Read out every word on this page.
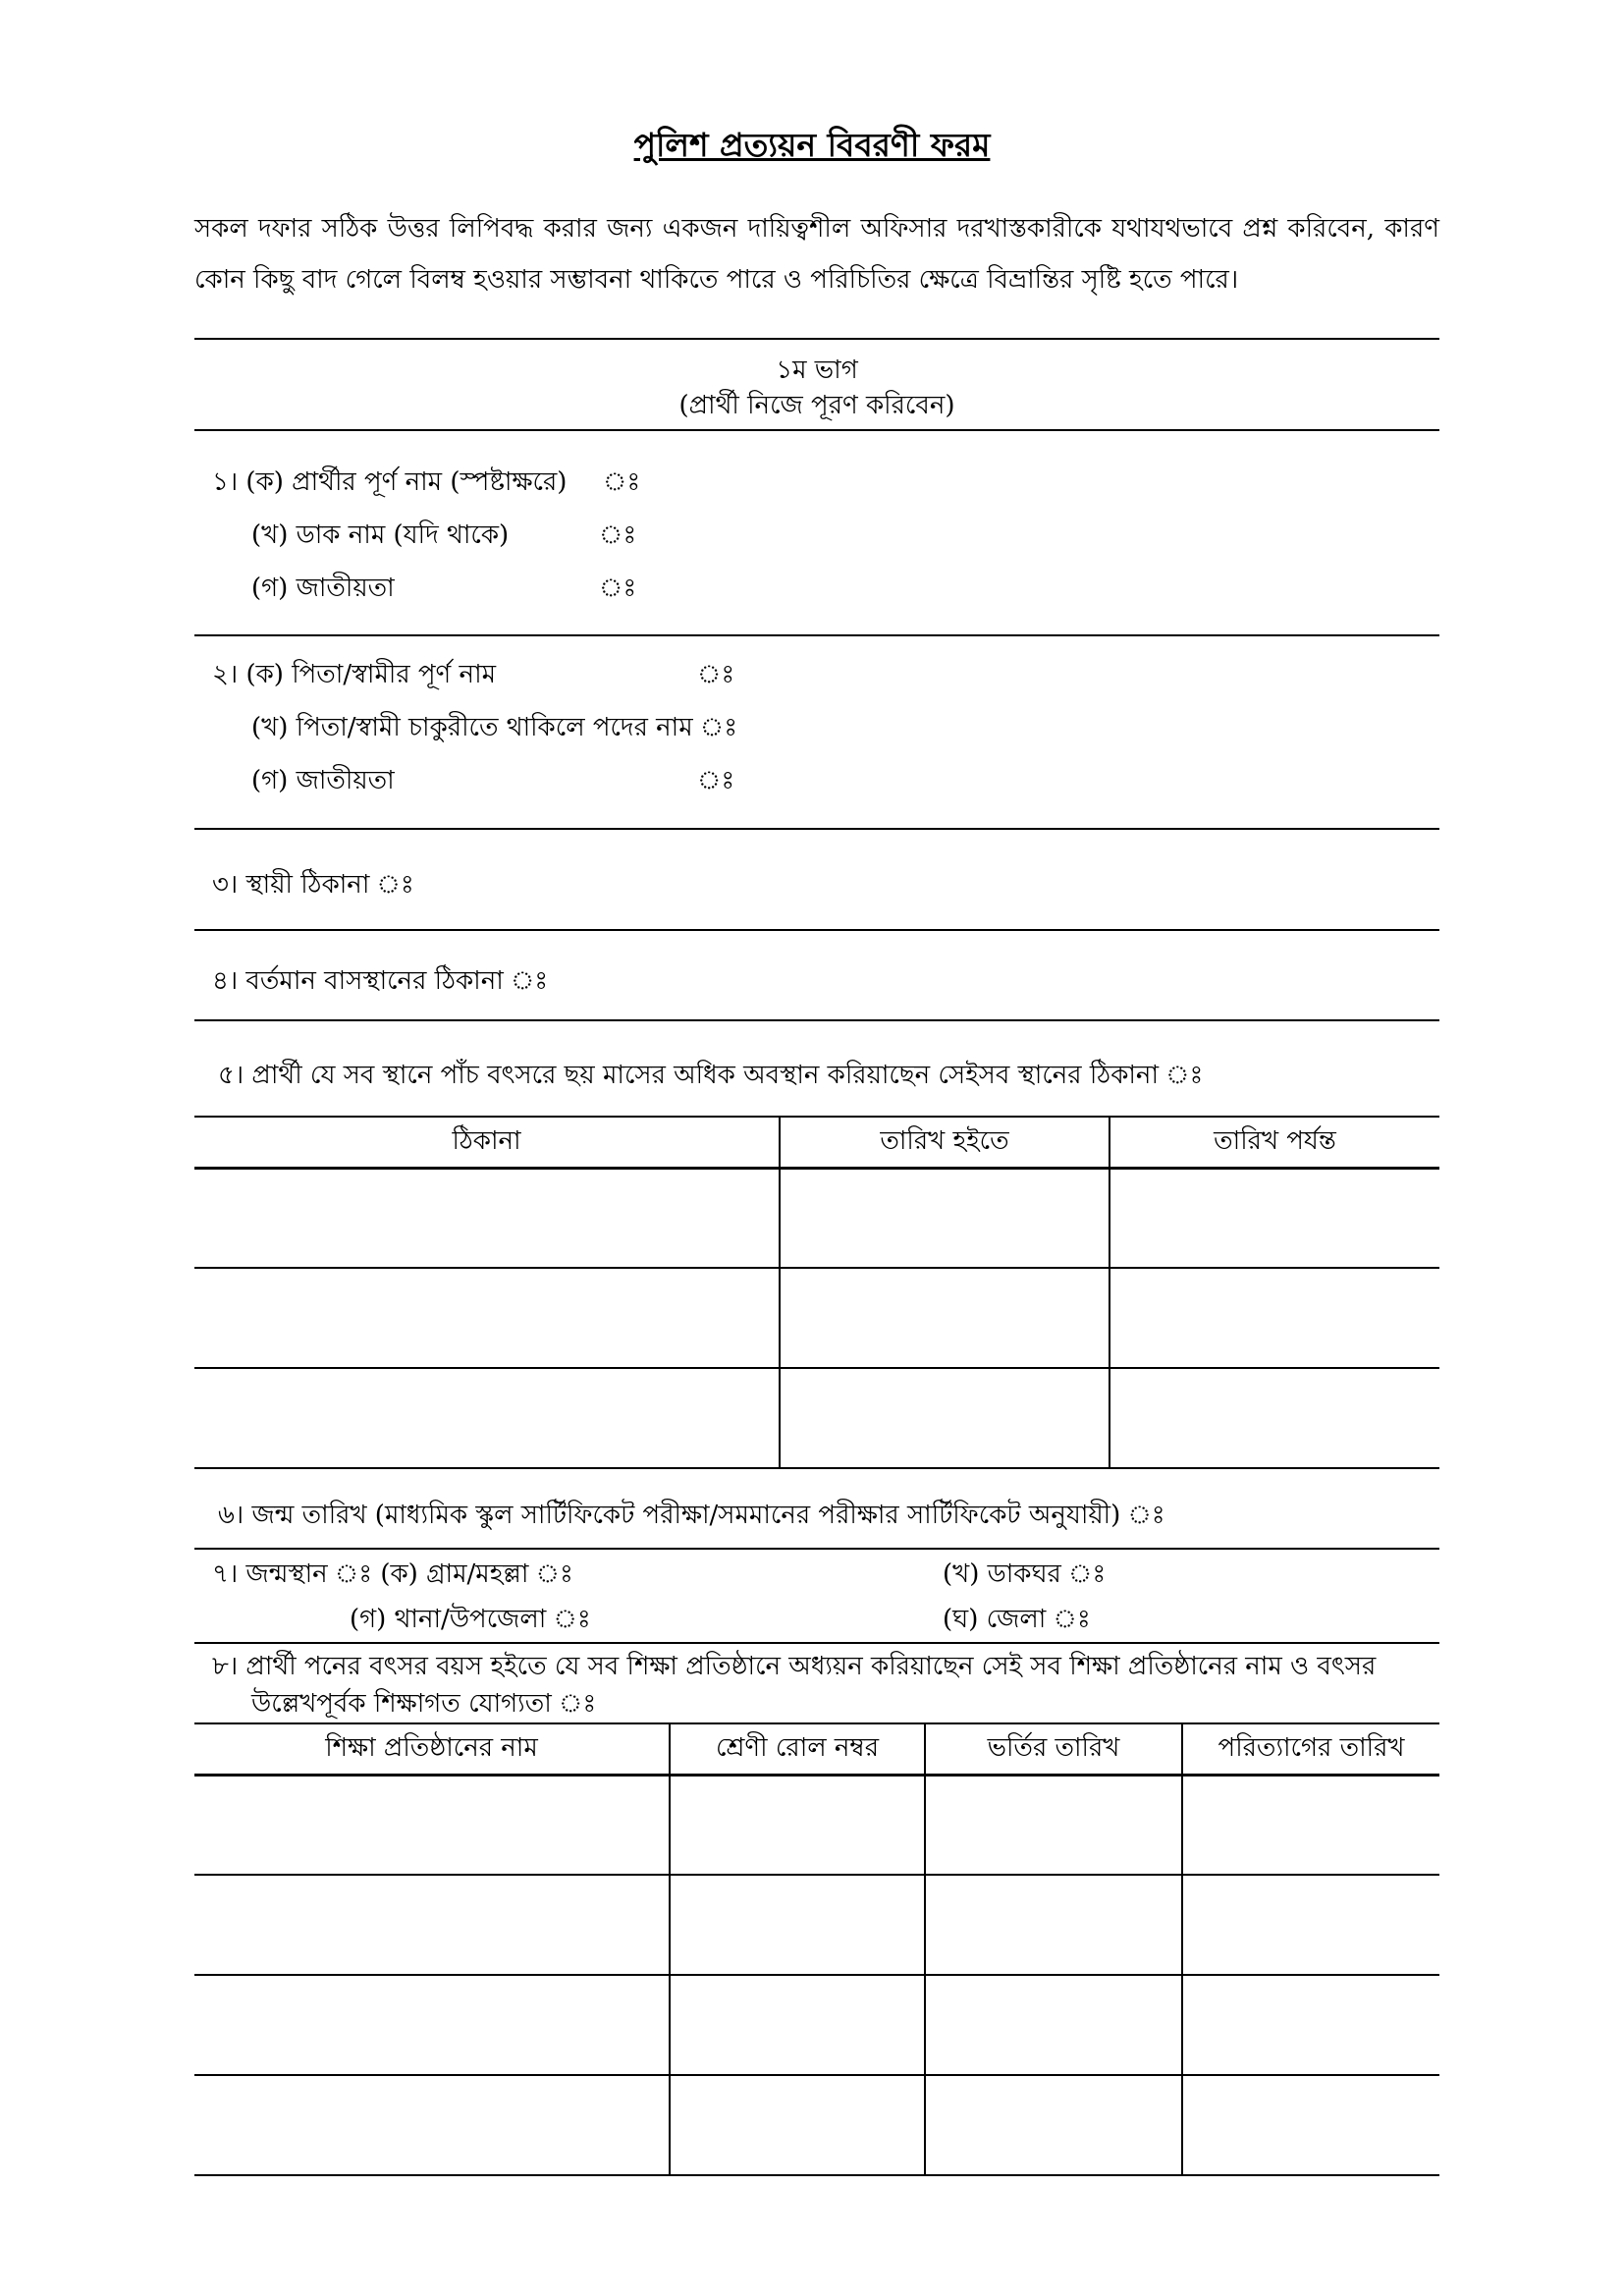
পুলিশ প্রত্যয়ন বিবরণী ফরম
সকল দফার সঠিক উত্তর লিপিবদ্ধ করার জন্য একজন দায়িত্বশীল অফিসার দরখাস্তকারীকে যথাযথভাবে প্রশ্ন করিবেন, কারণ
কোন কিছু বাদ গেলে বিলম্ব হওয়ার সম্ভাবনা থাকিতে পারে ও পরিচিতির ক্ষেত্রে বিভ্রান্তির সৃষ্টি হতে পারে।
১ম ভাগ
(প্রার্থী নিজে পূরণ করিবেন)
১। (ক) প্রার্থীর পূর্ণ নাম (স্পষ্টাক্ষরে) ঃ
(খ) ডাক নাম (যদি থাকে)	ঃ
(গ) জাতীয়তা	ঃ
২। (ক) পিতা/স্বামীর পূর্ণ নাম	ঃ
(খ) পিতা/স্বামী চাকুরীতে থাকিলে পদের নাম ঃ
(গ) জাতীয়তা	ঃ
৩। স্থায়ী ঠিকানা ঃ
৪। বর্তমান বাসস্থানের ঠিকানা ঃ
৫। প্রার্থী যে সব স্থানে পাঁচ বৎসরে ছয় মাসের অধিক অবস্থান করিয়াছেন সেইসব স্থানের ঠিকানা ঃ
ঠিকানা	তারিখ হইতে	তারিখ পর্যন্ত

৬। জন্ম তারিখ (মাধ্যমিক স্কুল সার্টিফিকেট পরীক্ষা/সমমানের পরীক্ষার সার্টিফিকেট অনুযায়ী) ঃ
৭। জন্মস্থান ঃ (ক) গ্রাম/মহল্লা ঃ	(খ) ডাকঘর ঃ
(গ) থানা/উপজেলা ঃ	(ঘ) জেলা ঃ
৮। প্রার্থী পনের বৎসর বয়স হইতে যে সব শিক্ষা প্রতিষ্ঠানে অধ্যয়ন করিয়াছেন সেই সব শিক্ষা প্রতিষ্ঠানের নাম ও বৎসর
উল্লেখপূর্বক শিক্ষাগত যোগ্যতা ঃ
শিক্ষা প্রতিষ্ঠানের নাম	শ্রেণী রোল নম্বর	ভর্তির তারিখ	পরিত্যাগের তারিখ
